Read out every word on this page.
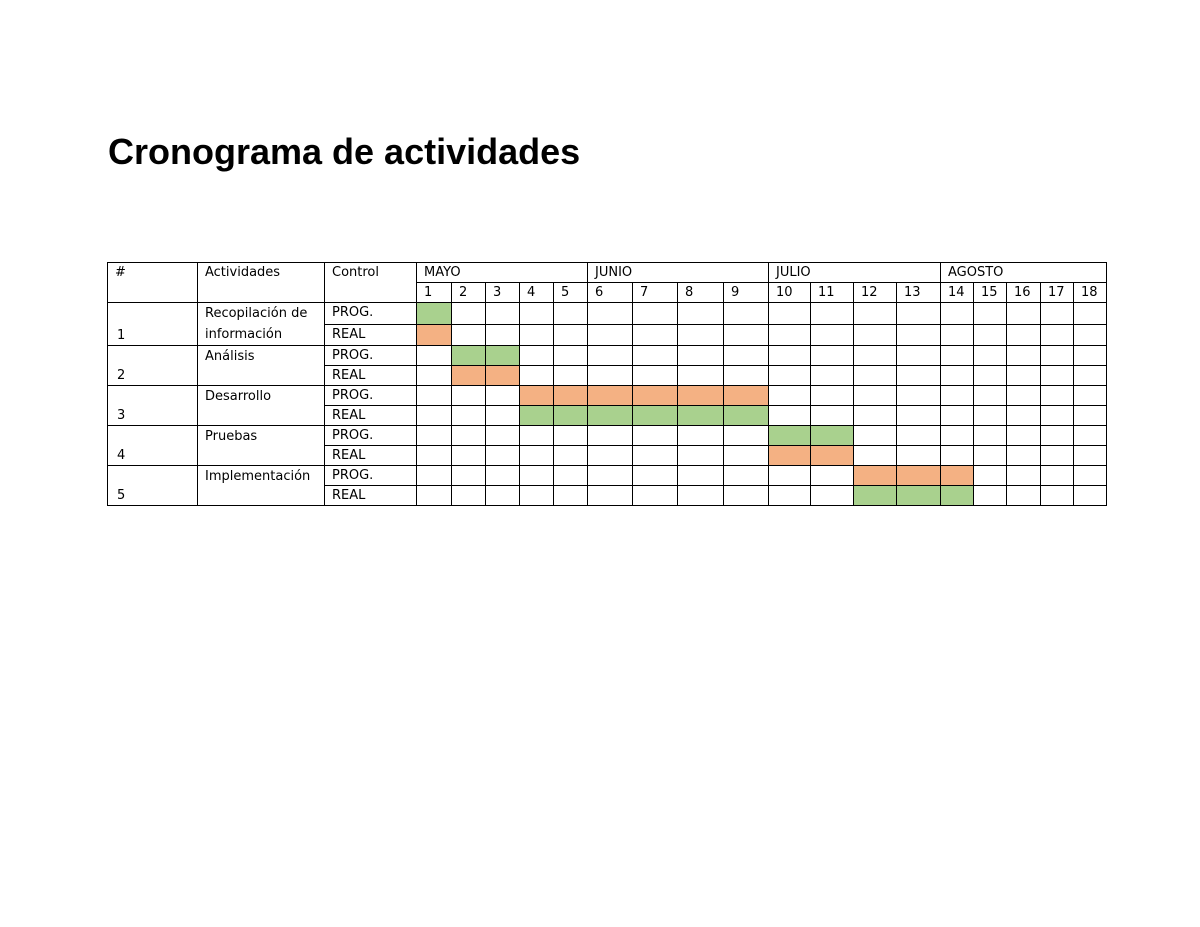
Cronograma de actividades
#	Actividades	Control	MAYO					JUNIO				JULIO				AGOSTO				
			1	2	3	4	5	6	7	8	9	10	11	12	13	14	15	16	17	18
1	Recopilación de información	PROG.																		
		REAL																		
2	Análisis	PROG.																		
		REAL																		
3	Desarrollo	PROG.																		
		REAL																		
4	Pruebas	PROG.																		
		REAL																		
5	Implementación	PROG.																		
		REAL																		
